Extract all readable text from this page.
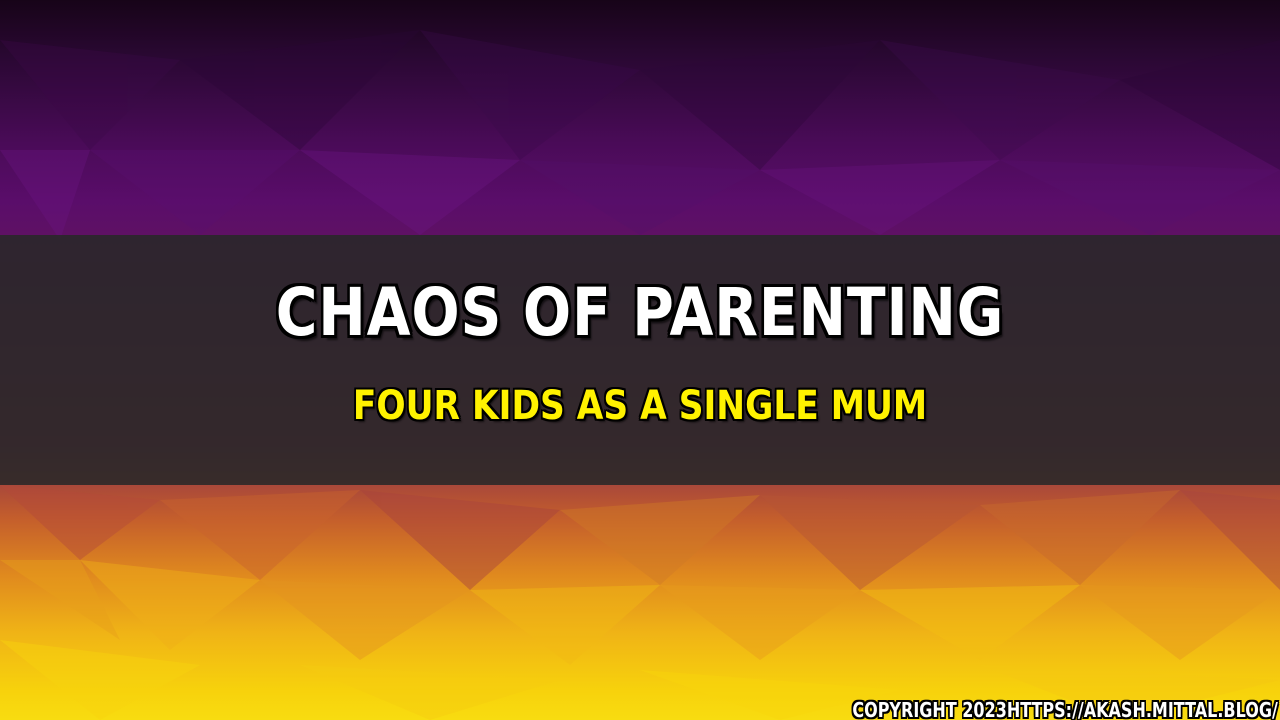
CHAOS OF PARENTING
FOUR KIDS AS A SINGLE MUM
COPYRIGHT 2023HTTPS://AKASH.MITTAL.BLOG/
